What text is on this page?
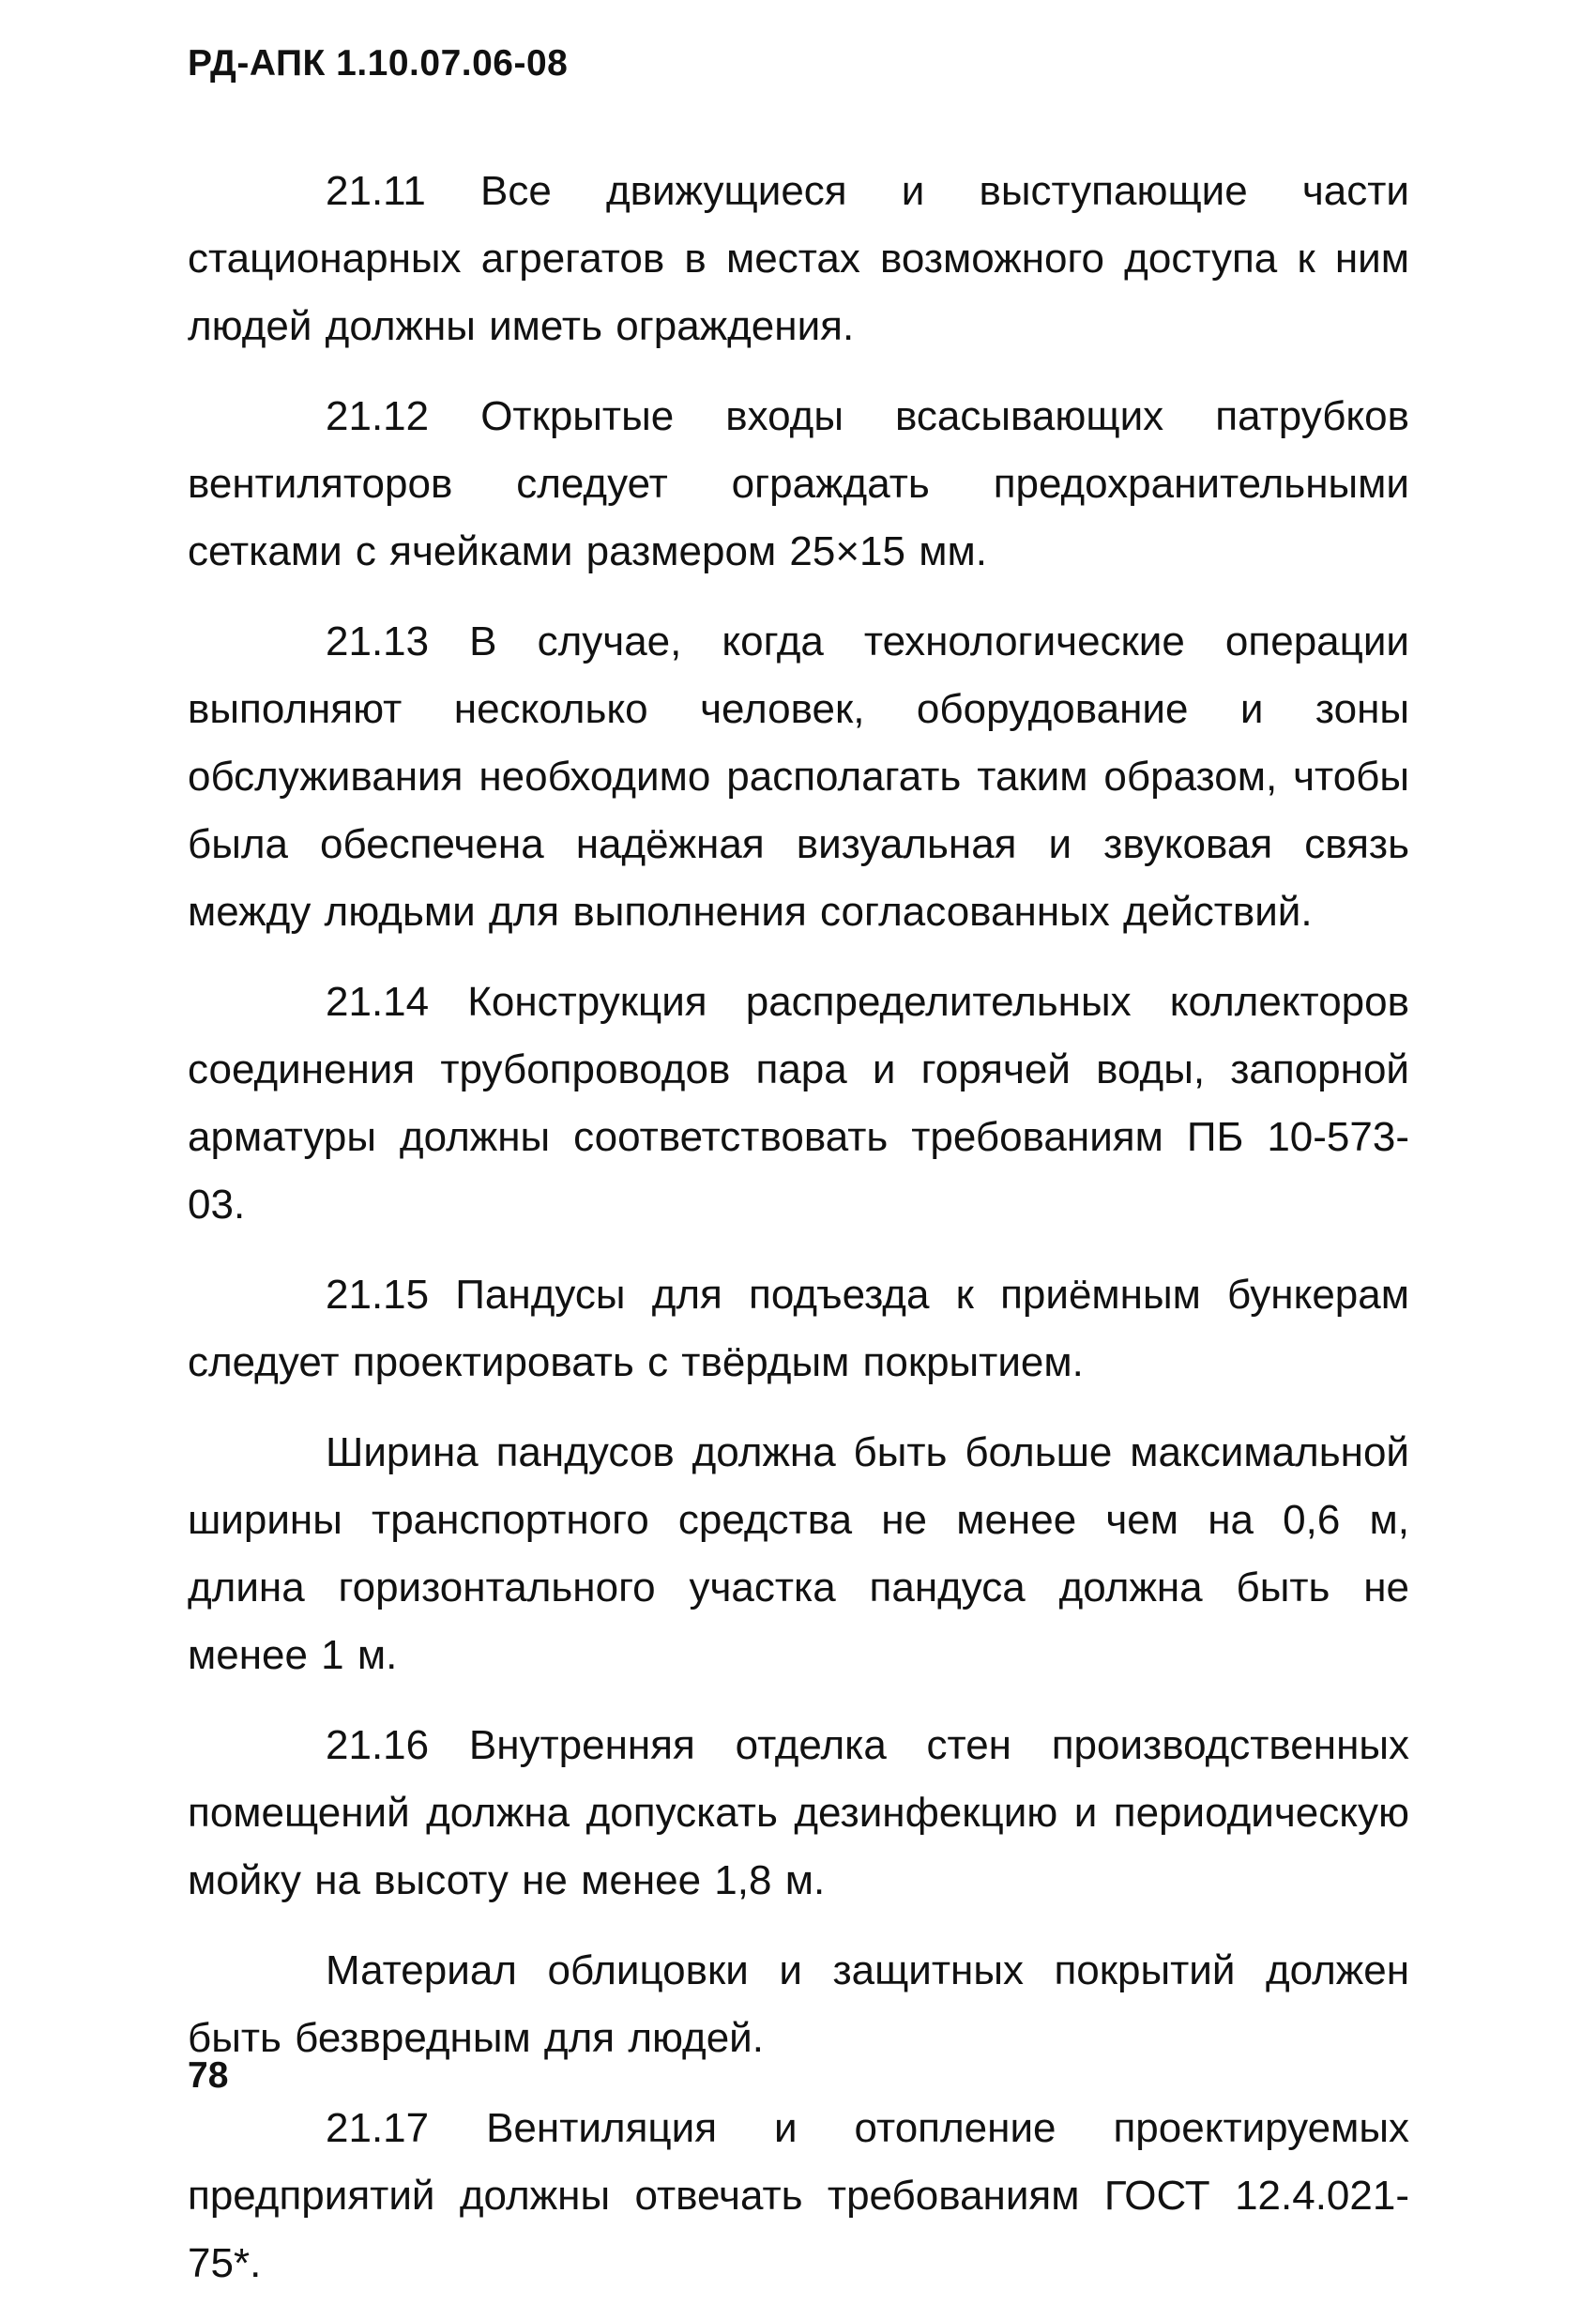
РД-АПК 1.10.07.06-08

21.11 Все движущиеся и выступающие части стационарных агрегатов в местах возможного доступа к ним людей должны иметь ограждения.

21.12 Открытые входы всасывающих патрубков вентиляторов следует ограждать предохранительными сетками с ячейками размером 25×15 мм.

21.13 В случае, когда технологические операции выполняют несколько человек, оборудование и зоны обслуживания необходимо располагать таким образом, чтобы была обеспечена надёжная визуальная и звуковая связь между людьми для выполнения согласованных действий.

21.14 Конструкция распределительных коллекторов соединения трубопроводов пара и горячей воды, запорной арматуры должны соответствовать требованиям ПБ 10-573-03.

21.15 Пандусы для подъезда к приёмным бункерам следует проектировать с твёрдым покрытием.

Ширина пандусов должна быть больше максимальной ширины транспортного средства не менее чем на 0,6 м, длина горизонтального участка пандуса должна быть не менее 1 м.

21.16 Внутренняя отделка стен производственных помещений должна допускать дезинфекцию и периодическую мойку на высоту не менее 1,8 м.

Материал облицовки и защитных покрытий должен быть безвредным для людей.

21.17 Вентиляция и отопление проектируемых предприятий должны отвечать требованиям ГОСТ 12.4.021-75*.

78
